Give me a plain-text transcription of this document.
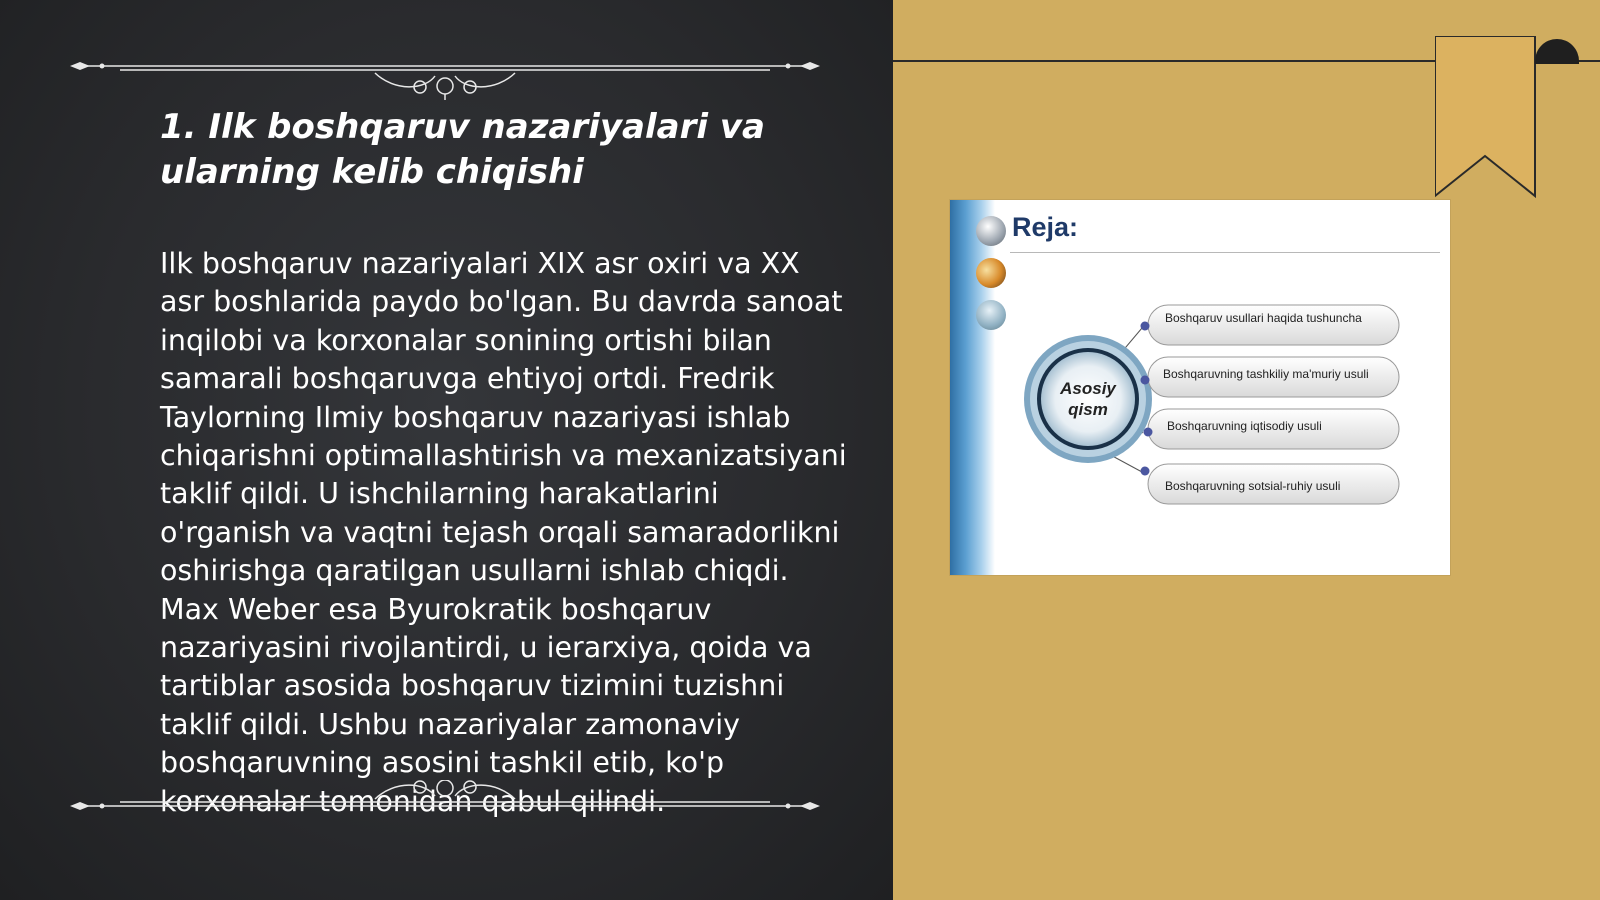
1. Ilk boshqaruv nazariyalari va ularning kelib chiqishi

Ilk boshqaruv nazariyalari XIX asr oxiri va XX asr boshlarida paydo bo'lgan. Bu davrda sanoat inqilobi va korxonalar sonining ortishi bilan samarali boshqaruvga ehtiyoj ortdi. Fredrik Taylorning Ilmiy boshqaruv nazariyasi ishlab chiqarishni optimallashtirish va mexanizatsiyani taklif qildi. U ishchilarning harakatlarini o'rganish va vaqtni tejash orqali samaradorlikni oshirishga qaratilgan usullarni ishlab chiqdi. Max Weber esa Byurokratik boshqaruv nazariyasini rivojlantirdi, u ierarxiya, qoida va tartiblar asosida boshqaruv tizimini tuzishni taklif qildi. Ushbu nazariyalar zamonaviy boshqaruvning asosini tashkil etib, ko'p korxonalar tomonidan qabul qilindi.

Reja:
Asosiy
qism
Boshqaruv usullari haqida tushuncha
Boshqaruvning tashkiliy ma'muriy usuli
Boshqaruvning iqtisodiy usuli
Boshqaruvning sotsial-ruhiy usuli
